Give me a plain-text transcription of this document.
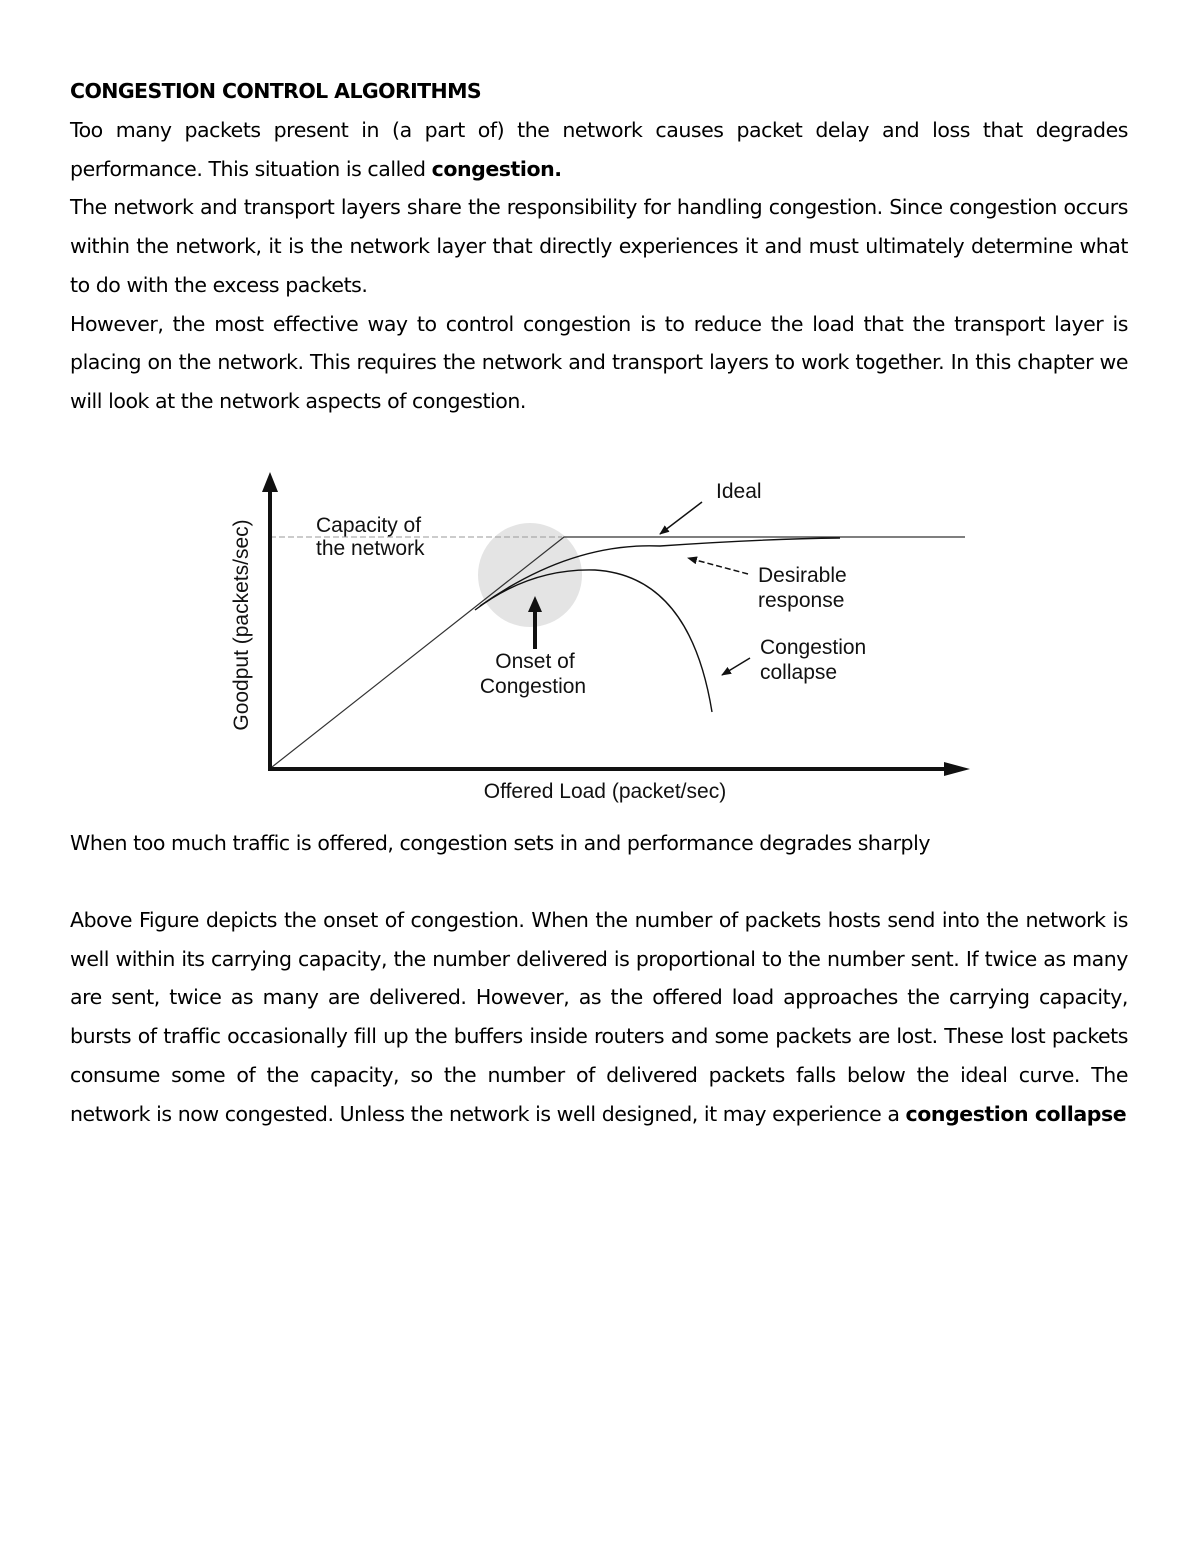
CONGESTION CONTROL ALGORITHMS

Too many packets present in (a part of) the network causes packet delay and loss that degrades performance. This situation is called congestion.

The network and transport layers share the responsibility for handling congestion. Since congestion occurs within the network, it is the network layer that directly experiences it and must ultimately determine what to do with the excess packets.

However, the most effective way to control congestion is to reduce the load that the transport layer is placing on the network. This requires the network and transport layers to work together. In this chapter we will look at the network aspects of congestion.

Goodput (packets/sec)
Offered Load (packet/sec)
Capacity of
the network
Ideal
Desirable
response
Congestion
collapse
Onset of
Congestion
When too much traffic is offered, congestion sets in and performance degrades sharply

Above Figure depicts the onset of congestion. When the number of packets hosts send into the network is well within its carrying capacity, the number delivered is proportional to the number sent. If twice as many are sent, twice as many are delivered. However, as the offered load approaches the carrying capacity, bursts of traffic occasionally fill up the buffers inside routers and some packets are lost. These lost packets consume some of the capacity, so the number of delivered packets falls below the ideal curve. The network is now congested. Unless the network is well designed, it may experience a congestion collapse
